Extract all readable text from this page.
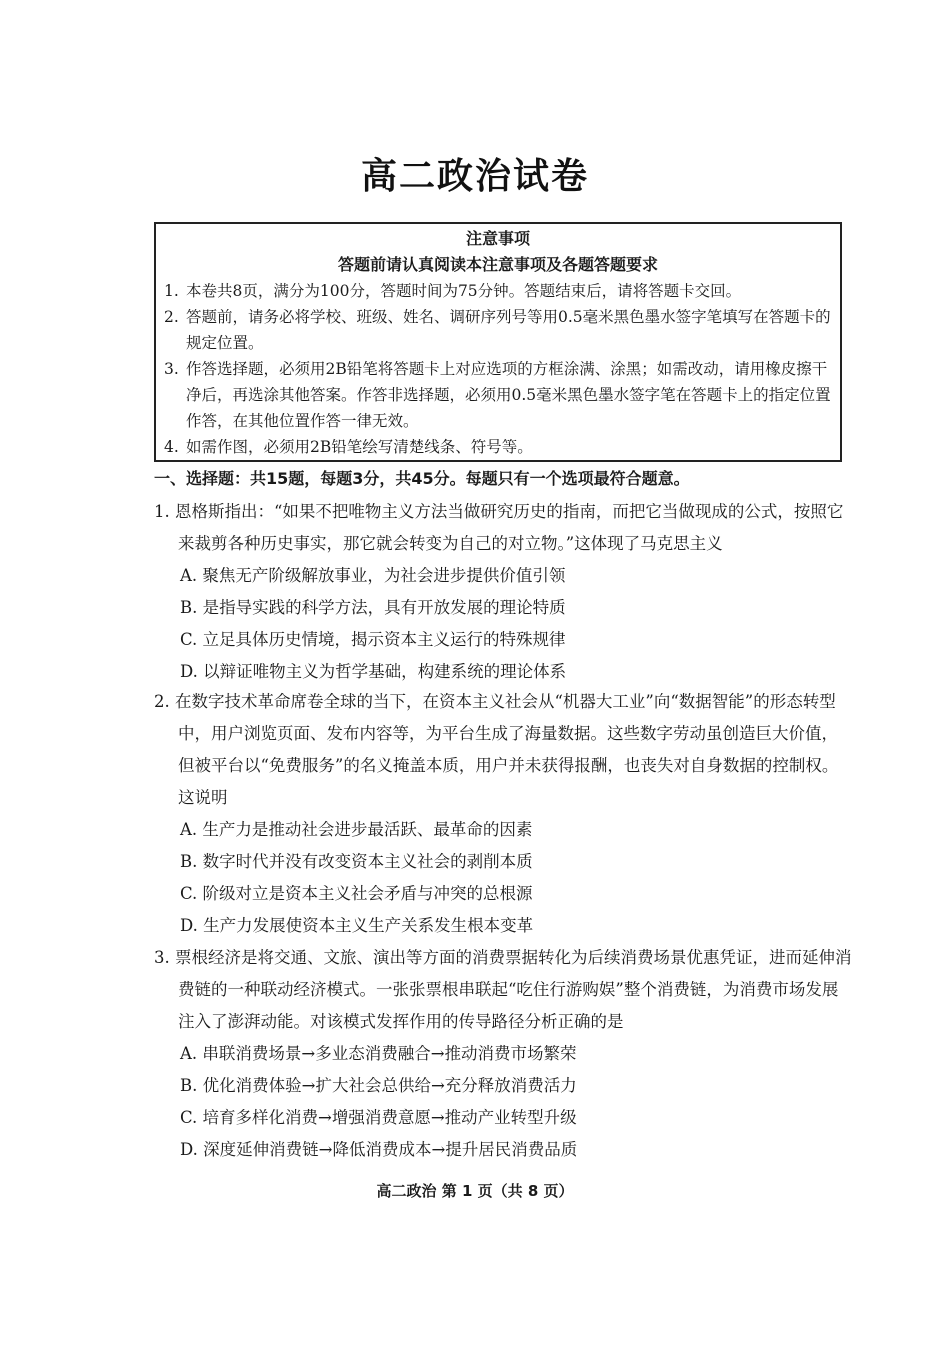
高二政治试卷
注意事项
答题前请认真阅读本注意事项及各题答题要求
1. 本卷共8页，满分为100分，答题时间为75分钟。答题结束后，请将答题卡交回。
2. 答题前，请务必将学校、班级、姓名、调研序列号等用0.5毫米黑色墨水签字笔填写在答题卡的规定位置。
3. 作答选择题，必须用2B铅笔将答题卡上对应选项的方框涂满、涂黑；如需改动，请用橡皮擦干净后，再选涂其他答案。作答非选择题，必须用0.5毫米黑色墨水签字笔在答题卡上的指定位置作答，在其他位置作答一律无效。
4. 如需作图，必须用2B铅笔绘写清楚线条、符号等。
一、选择题：共15题，每题3分，共45分。每题只有一个选项最符合题意。
1. 恩格斯指出：“如果不把唯物主义方法当做研究历史的指南，而把它当做现成的公式，按照它来裁剪各种历史事实，那它就会转变为自己的对立物。”这体现了马克思主义
A. 聚焦无产阶级解放事业，为社会进步提供价值引领
B. 是指导实践的科学方法，具有开放发展的理论特质
C. 立足具体历史情境，揭示资本主义运行的特殊规律
D. 以辩证唯物主义为哲学基础，构建系统的理论体系
2. 在数字技术革命席卷全球的当下，在资本主义社会从“机器大工业”向“数据智能”的形态转型中，用户浏览页面、发布内容等，为平台生成了海量数据。这些数字劳动虽创造巨大价值，但被平台以“免费服务”的名义掩盖本质，用户并未获得报酬，也丧失对自身数据的控制权。这说明
A. 生产力是推动社会进步最活跃、最革命的因素
B. 数字时代并没有改变资本主义社会的剥削本质
C. 阶级对立是资本主义社会矛盾与冲突的总根源
D. 生产力发展使资本主义生产关系发生根本变革
3. 票根经济是将交通、文旅、演出等方面的消费票据转化为后续消费场景优惠凭证，进而延伸消费链的一种联动经济模式。一张张票根串联起“吃住行游购娱”整个消费链，为消费市场发展注入了澎湃动能。对该模式发挥作用的传导路径分析正确的是
A. 串联消费场景→多业态消费融合→推动消费市场繁荣
B. 优化消费体验→扩大社会总供给→充分释放消费活力
C. 培育多样化消费→增强消费意愿→推动产业转型升级
D. 深度延伸消费链→降低消费成本→提升居民消费品质
高二政治 第 1 页（共 8 页）
